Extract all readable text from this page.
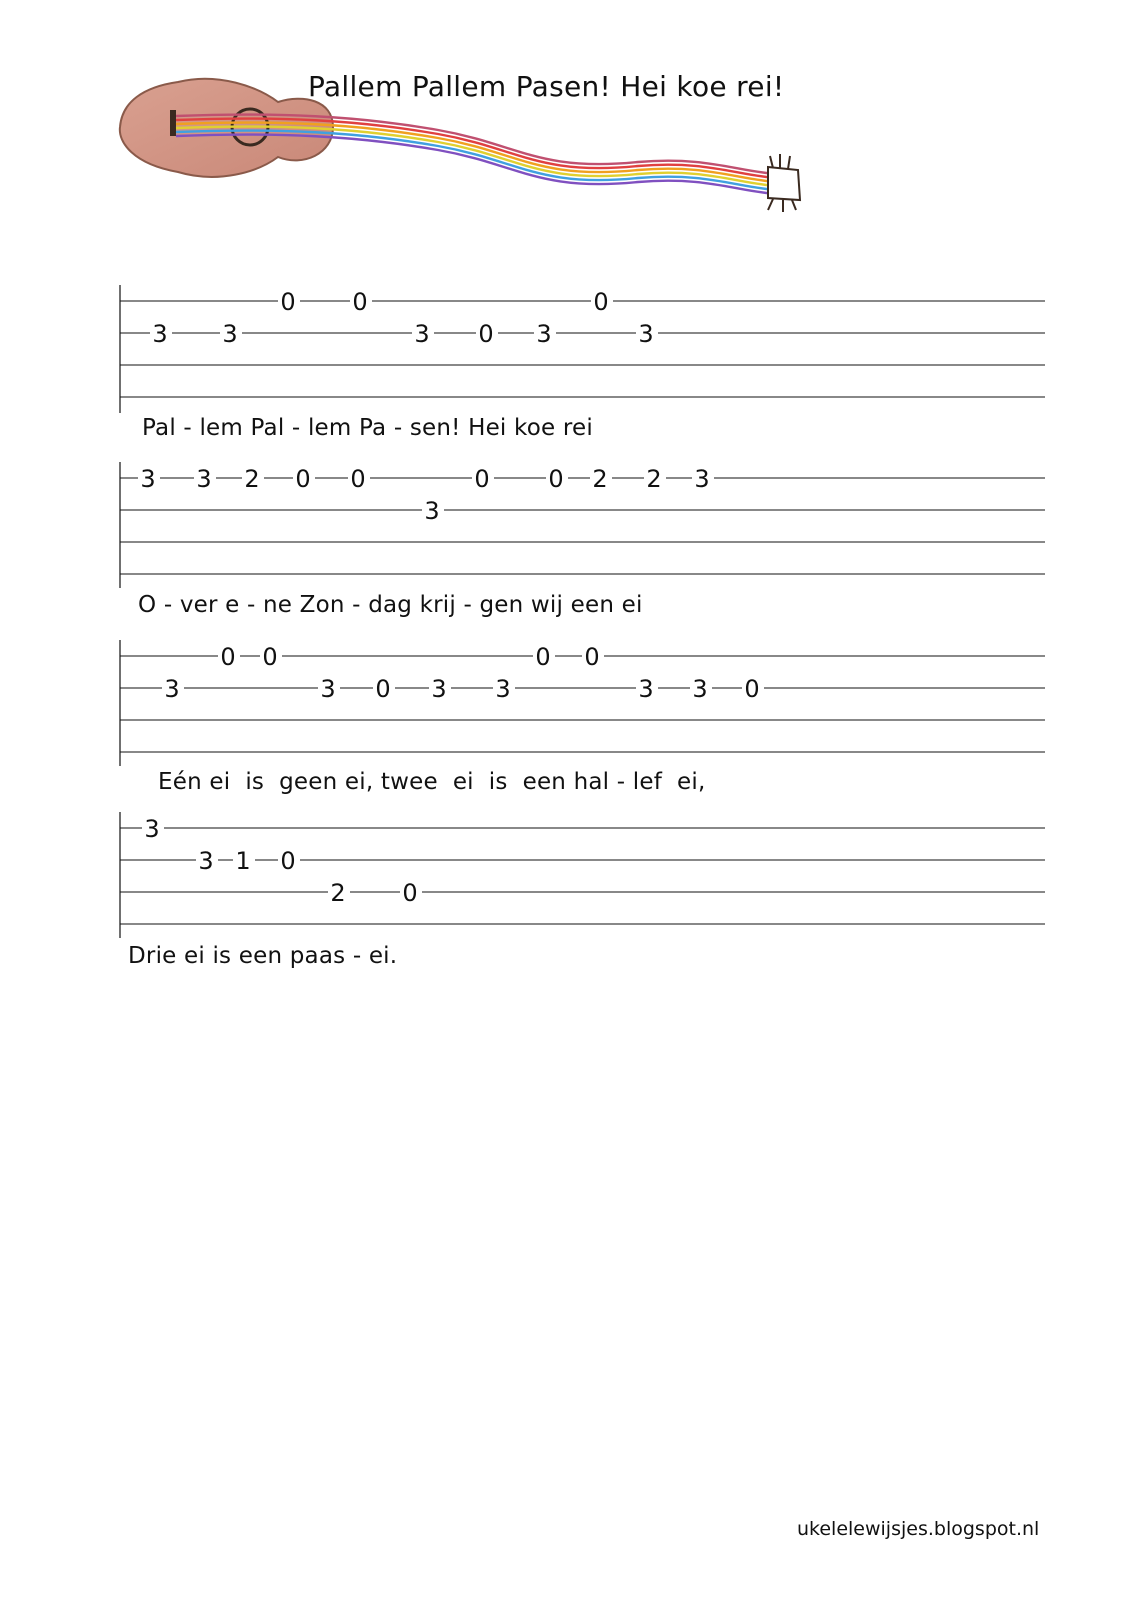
Pallem Pallem Pasen! Hei koe rei!
3 3
0 0
3 0 3
0
3
Pal - lem Pal - lem Pa - sen! Hei koe rei
3 3 2 0 0
3
0 0 2 2 3
O - ver e - ne Zon - dag krij - gen wij een ei
3
0 0
3 0 3 3
0 0
3 3 0
Eén ei  is  geen ei, twee  ei  is  een hal - lef  ei,
3
3 1 0
2 0
Drie ei is een paas - ei.
ukelelewijsjes.blogspot.nl
